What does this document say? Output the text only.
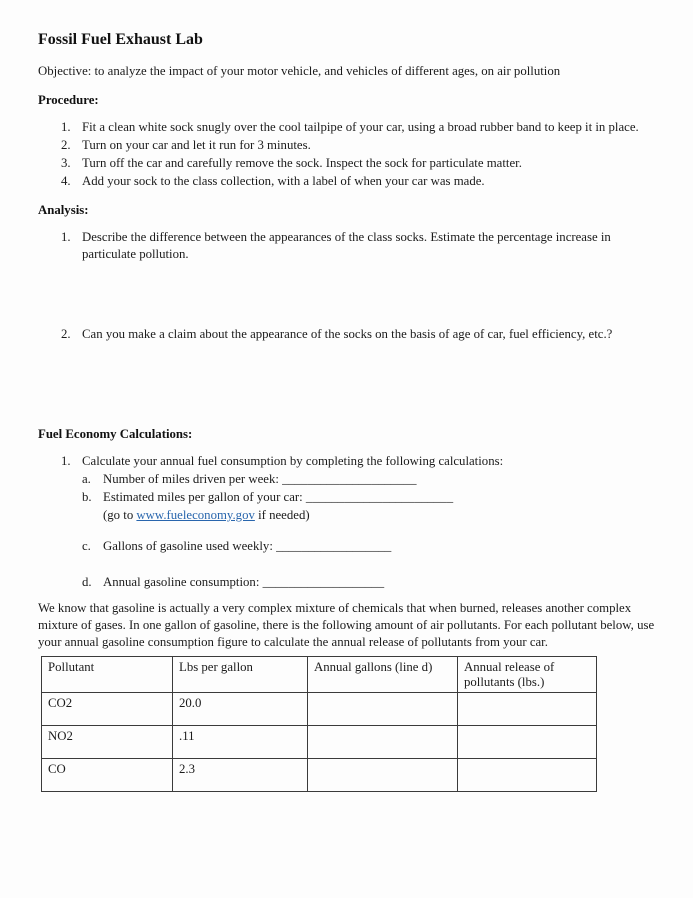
Fossil Fuel Exhaust Lab

Objective: to analyze the impact of your motor vehicle, and vehicles of different ages, on air pollution

Procedure:

1. Fit a clean white sock snugly over the cool tailpipe of your car, using a broad rubber band to keep it in place.
2. Turn on your car and let it run for 3 minutes.
3. Turn off the car and carefully remove the sock. Inspect the sock for particulate matter.
4. Add your sock to the class collection, with a label of when your car was made.

Analysis:

1. Describe the difference between the appearances of the class socks. Estimate the percentage increase in particulate pollution.
2. Can you make a claim about the appearance of the socks on the basis of age of car, fuel efficiency, etc.?

Fuel Economy Calculations:

1. Calculate your annual fuel consumption by completing the following calculations:
a. Number of miles driven per week: _____________________
b. Estimated miles per gallon of your car: _______________________
(go to www.fueleconomy.gov if needed)
c. Gallons of gasoline used weekly: __________________
d. Annual gasoline consumption: ___________________

We know that gasoline is actually a very complex mixture of chemicals that when burned, releases another complex mixture of gases. In one gallon of gasoline, there is the following amount of air pollutants. For each pollutant below, use your annual gasoline consumption figure to calculate the annual release of pollutants from your car.

Pollutant	Lbs per gallon	Annual gallons (line d)	Annual release of pollutants (lbs.)
CO2	20.0		
NO2	.11		
CO	2.3		
